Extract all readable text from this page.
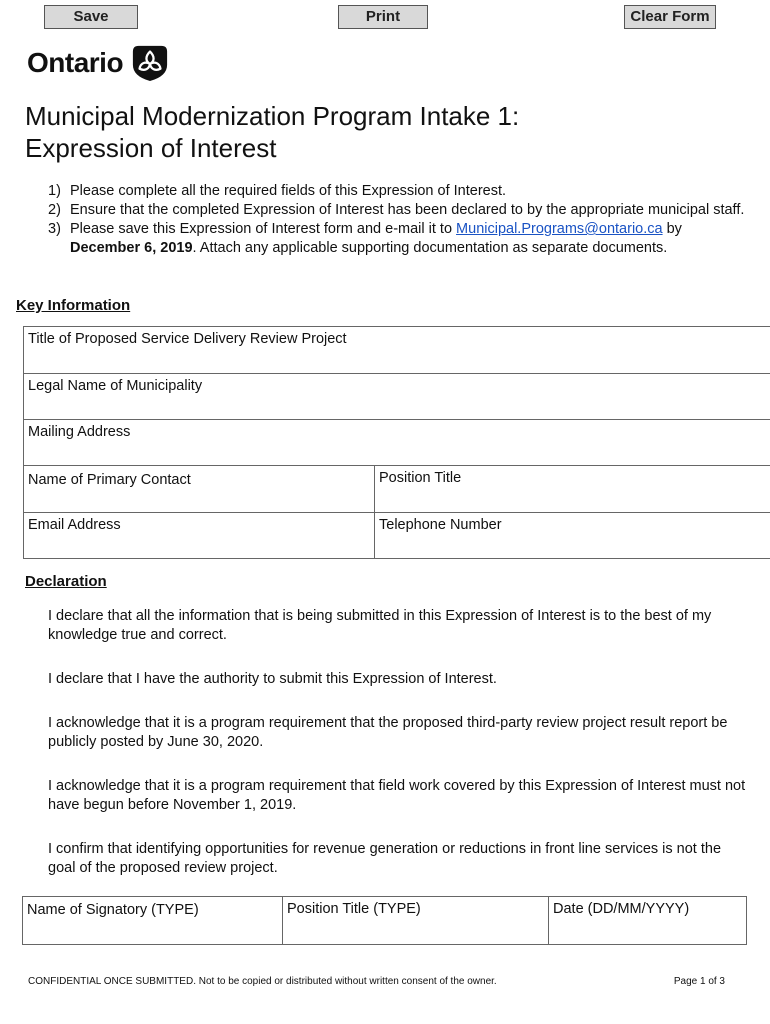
Save	Print	Clear Form
Ontario
Municipal Modernization Program Intake 1:
Expression of Interest
1) Please complete all the required fields of this Expression of Interest.
2) Ensure that the completed Expression of Interest has been declared to by the appropriate municipal staff.
3) Please save this Expression of Interest form and e-mail it to Municipal.Programs@ontario.ca by December 6, 2019. Attach any applicable supporting documentation as separate documents.
Key Information
Title of Proposed Service Delivery Review Project	
Legal Name of Municipality	
Mailing Address	
Name of Primary Contact	Position Title
Email Address	Telephone Number
Declaration

I declare that all the information that is being submitted in this Expression of Interest is to the best of my knowledge true and correct.

I declare that I have the authority to submit this Expression of Interest.

I acknowledge that it is a program requirement that the proposed third-party review project result report be publicly posted by June 30, 2020.

I acknowledge that it is a program requirement that field work covered by this Expression of Interest must not have begun before November 1, 2019.

I confirm that identifying opportunities for revenue generation or reductions in front line services is not the goal of the proposed review project.

Name of Signatory (TYPE)	Position Title (TYPE)	Date (DD/MM/YYYY)
CONFIDENTIAL ONCE SUBMITTED. Not to be copied or distributed without written consent of the owner.	Page 1 of 3
